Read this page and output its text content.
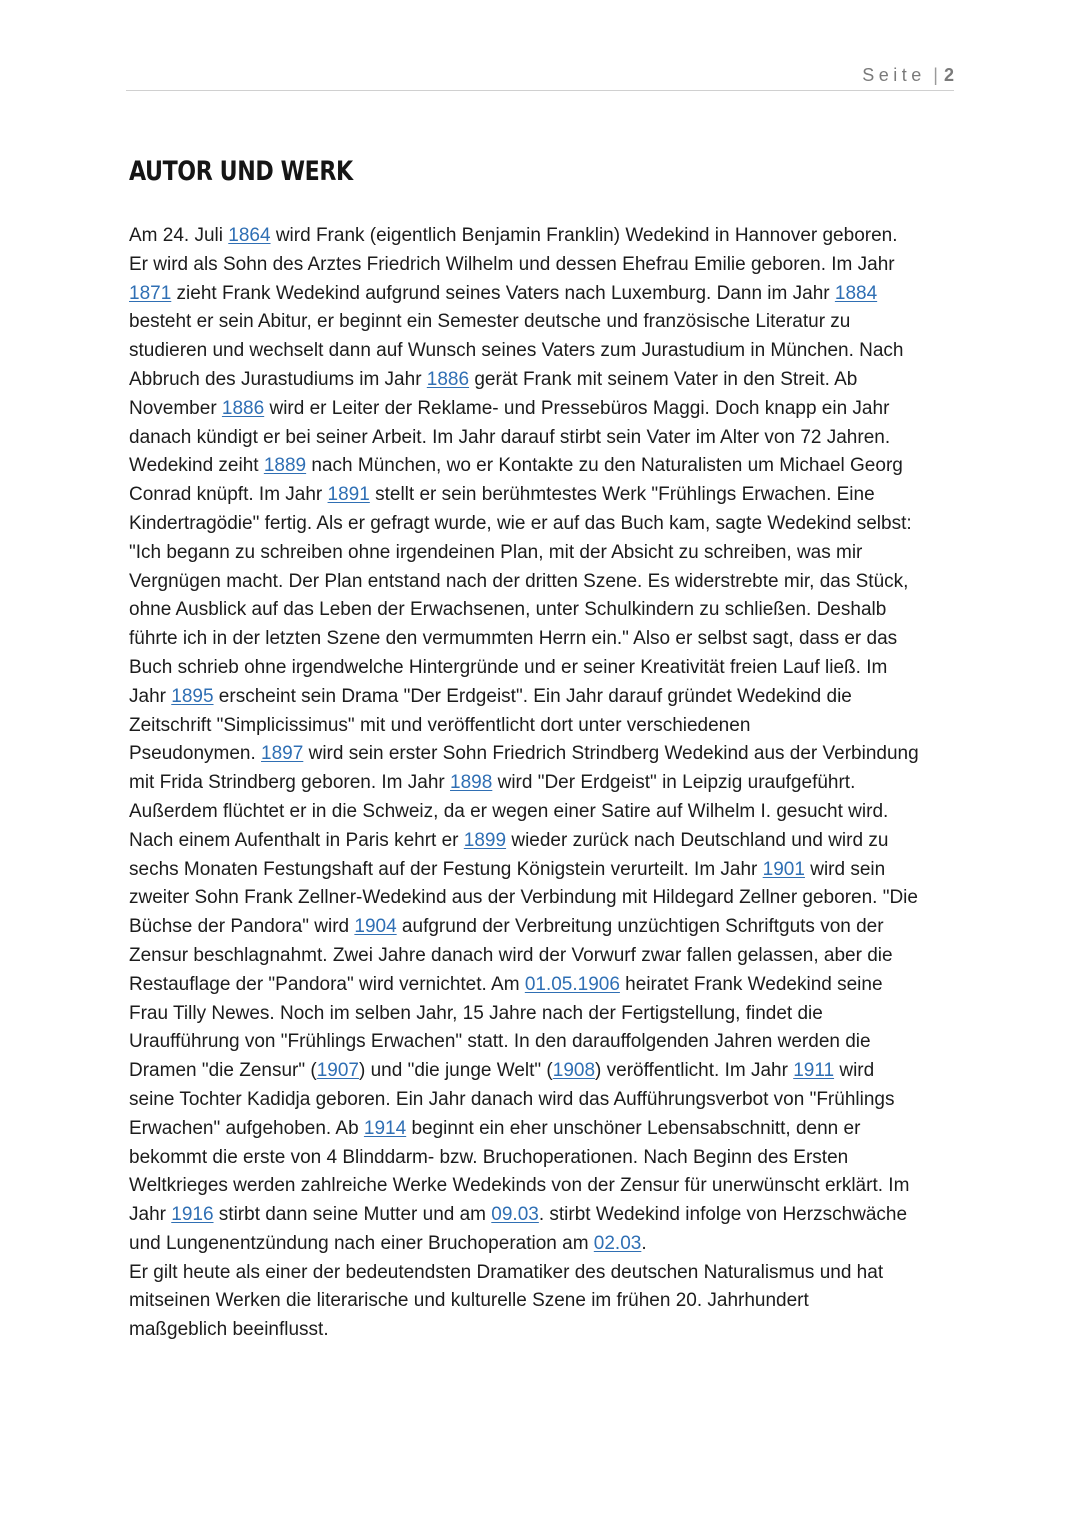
Seite | 2
AUTOR UND WERK
Am 24. Juli 1864 wird Frank (eigentlich Benjamin Franklin) Wedekind in Hannover geboren.
Er wird als Sohn des Arztes Friedrich Wilhelm und dessen Ehefrau Emilie geboren. Im Jahr
1871 zieht Frank Wedekind aufgrund seines Vaters nach Luxemburg. Dann im Jahr 1884
besteht er sein Abitur, er beginnt ein Semester deutsche und französische Literatur zu
studieren und wechselt dann auf Wunsch seines Vaters zum Jurastudium in München. Nach
Abbruch des Jurastudiums im Jahr 1886 gerät Frank mit seinem Vater in den Streit. Ab
November 1886 wird er Leiter der Reklame- und Pressebüros Maggi. Doch knapp ein Jahr
danach kündigt er bei seiner Arbeit. Im Jahr darauf stirbt sein Vater im Alter von 72 Jahren.
Wedekind zeiht 1889 nach München, wo er Kontakte zu den Naturalisten um Michael Georg
Conrad knüpft. Im Jahr 1891 stellt er sein berühmtestes Werk "Frühlings Erwachen. Eine
Kindertragödie" fertig. Als er gefragt wurde, wie er auf das Buch kam, sagte Wedekind selbst:
"Ich begann zu schreiben ohne irgendeinen Plan, mit der Absicht zu schreiben, was mir
Vergnügen macht. Der Plan entstand nach der dritten Szene. Es widerstrebte mir, das Stück,
ohne Ausblick auf das Leben der Erwachsenen, unter Schulkindern zu schließen. Deshalb
führte ich in der letzten Szene den vermummten Herrn ein." Also er selbst sagt, dass er das
Buch schrieb ohne irgendwelche Hintergründe und er seiner Kreativität freien Lauf ließ. Im
Jahr 1895 erscheint sein Drama "Der Erdgeist". Ein Jahr darauf gründet Wedekind die
Zeitschrift "Simplicissimus" mit und veröffentlicht dort unter verschiedenen
Pseudonymen. 1897 wird sein erster Sohn Friedrich Strindberg Wedekind aus der Verbindung
mit Frida Strindberg geboren. Im Jahr 1898 wird "Der Erdgeist" in Leipzig uraufgeführt.
Außerdem flüchtet er in die Schweiz, da er wegen einer Satire auf Wilhelm I. gesucht wird.
Nach einem Aufenthalt in Paris kehrt er 1899 wieder zurück nach Deutschland und wird zu
sechs Monaten Festungshaft auf der Festung Königstein verurteilt. Im Jahr 1901 wird sein
zweiter Sohn Frank Zellner-Wedekind aus der Verbindung mit Hildegard Zellner geboren. "Die
Büchse der Pandora" wird 1904 aufgrund der Verbreitung unzüchtigen Schriftguts von der
Zensur beschlagnahmt. Zwei Jahre danach wird der Vorwurf zwar fallen gelassen, aber die
Restauflage der "Pandora" wird vernichtet. Am 01.05.1906 heiratet Frank Wedekind seine
Frau Tilly Newes. Noch im selben Jahr, 15 Jahre nach der Fertigstellung, findet die
Uraufführung von "Frühlings Erwachen" statt. In den darauffolgenden Jahren werden die
Dramen "die Zensur" (1907) und "die junge Welt" (1908) veröffentlicht. Im Jahr 1911 wird
seine Tochter Kadidja geboren. Ein Jahr danach wird das Aufführungsverbot von "Frühlings
Erwachen" aufgehoben. Ab 1914 beginnt ein eher unschöner Lebensabschnitt, denn er
bekommt die erste von 4 Blinddarm- bzw. Bruchoperationen. Nach Beginn des Ersten
Weltkrieges werden zahlreiche Werke Wedekinds von der Zensur für unerwünscht erklärt. Im
Jahr 1916 stirbt dann seine Mutter und am 09.03. stirbt Wedekind infolge von Herzschwäche
und Lungenentzündung nach einer Bruchoperation am 02.03.
Er gilt heute als einer der bedeutendsten Dramatiker des deutschen Naturalismus und hat
mitseinen Werken die literarische und kulturelle Szene im frühen 20. Jahrhundert
maßgeblich beeinflusst.
